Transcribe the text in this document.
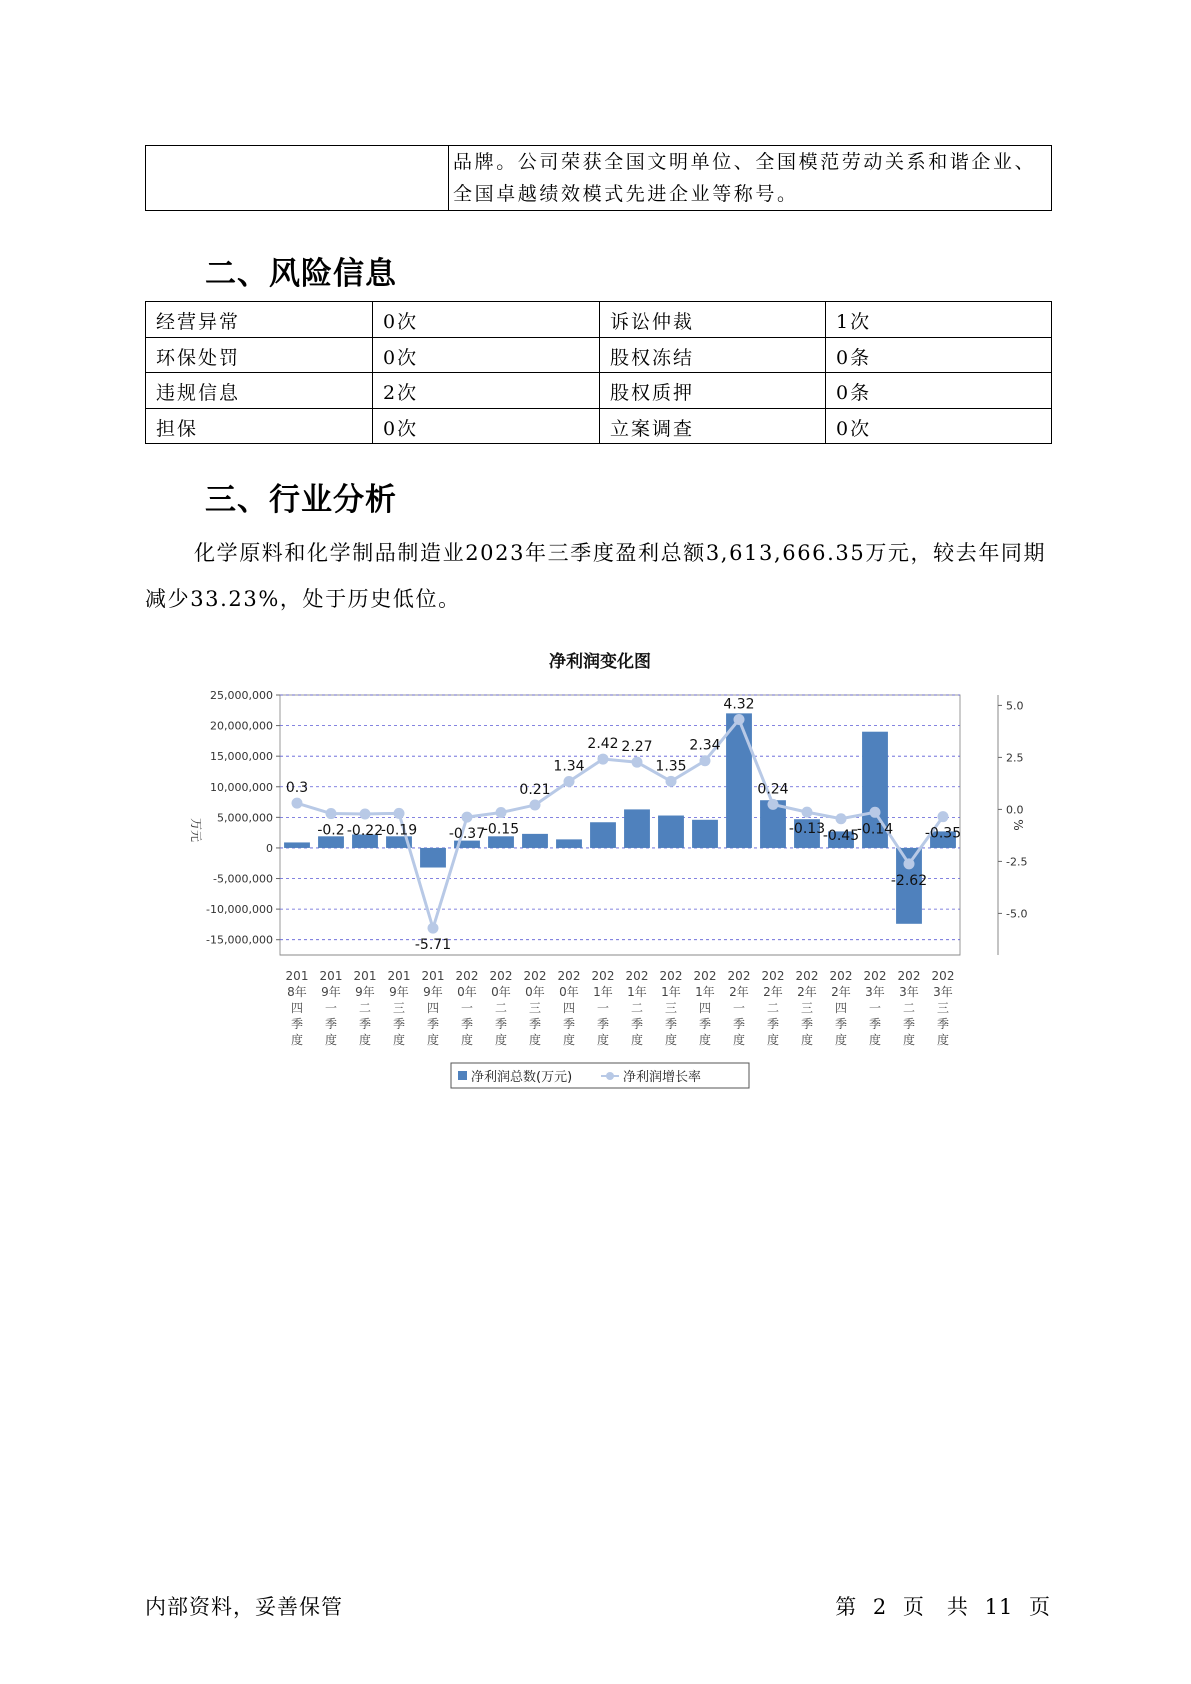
	品牌。公司荣获全国文明单位、全国模范劳动关系和谐企业、全国卓越绩效模式先进企业等称号。
二、风险信息
经营异常	0次	诉讼仲裁	1次
环保处罚	0次	股权冻结	0条
违规信息	2次	股权质押	0条
担保	0次	立案调查	0次
三、行业分析
化学原料和化学制品制造业2023年三季度盈利总额3,613,666.35万元，较去年同期减少33.23%，处于历史低位。
净利润变化图
25,000,000
20,000,000
15,000,000
10,000,000
5,000,000
0
-5,000,000
-10,000,000
-15,000,000
5.0
2.5
0.0
-2.5
-5.0
0.3
-0.2 -0.22
-0.19
-5.71
-0.37
-0.15
0.21
1.34
2.42 2.27
1.35
2.34
4.32
0.24
-0.13
-0.45
-0.14
-2.62
-0.35
201 8年四季度
201 9年一季度
201 9年二季度
201 9年三季度
201 9年四季度
202 0年一季度
202 0年二季度
202 0年三季度
202 0年四季度
202 1年一季度
202 1年二季度
202 1年三季度
202 1年四季度
202 2年一季度
202 2年二季度
202 2年三季度
202 2年四季度
202 3年一季度
202 3年二季度
202 3年三季度
万元	%
净利润总数(万元)	净利润增长率
内部资料，妥善保管	第 2 页　共 11 页
